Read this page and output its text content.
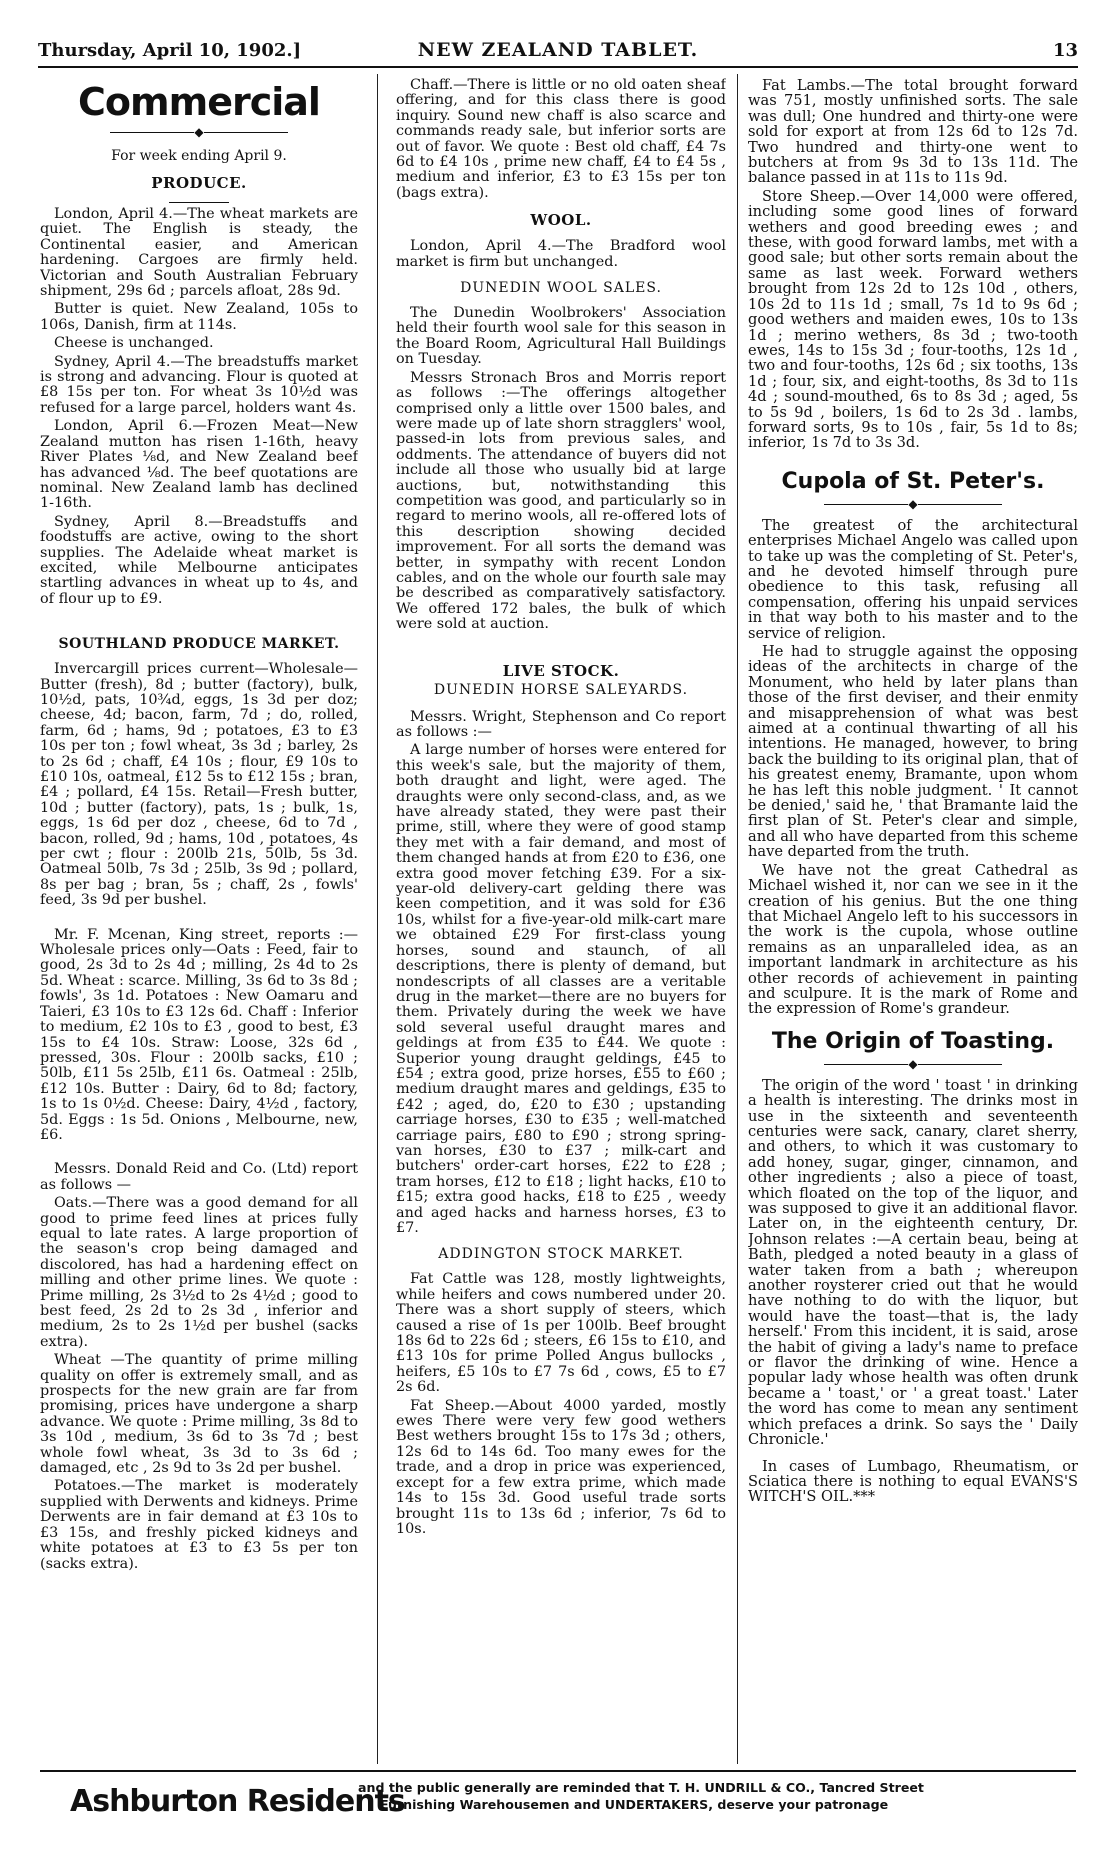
Thursday, April 10, 1902.]	NEW ZEALAND TABLET.	13
Commercial
◆
For week ending April 9.
PRODUCE.

London, April 4.—The wheat markets are quiet. The English is steady, the Continental easier, and American hardening. Cargoes are firmly held. Victorian and South Australian February shipment, 29s 6d ; parcels afloat, 28s 9d.

Butter is quiet. New Zealand, 105s to 106s, Danish, firm at 114s.

Cheese is unchanged.

Sydney, April 4.—The breadstuffs market is strong and advancing. Flour is quoted at £8 15s per ton. For wheat 3s 10½d was refused for a large parcel, holders want 4s.

London, April 6.—Frozen Meat—New Zealand mutton has risen 1-16th, heavy River Plates ⅛d, and New Zealand beef has advanced ⅛d. The beef quotations are nominal. New Zealand lamb has declined 1-16th.

Sydney, April 8.—Breadstuffs and foodstuffs are active, owing to the short supplies. The Adelaide wheat market is excited, while Melbourne anticipates startling advances in wheat up to 4s, and of flour up to £9.

SOUTHLAND PRODUCE MARKET.

Invercargill prices current—Wholesale—Butter (fresh), 8d ; butter (factory), bulk, 10½d, pats, 10¾d, eggs, 1s 3d per doz; cheese, 4d; bacon, farm, 7d ; do, rolled, farm, 6d ; hams, 9d ; potatoes, £3 to £3 10s per ton ; fowl wheat, 3s 3d ; barley, 2s to 2s 6d ; chaff, £4 10s ; flour, £9 10s to £10 10s, oatmeal, £12 5s to £12 15s ; bran, £4 ; pollard, £4 15s. Retail—Fresh butter, 10d ; butter (factory), pats, 1s ; bulk, 1s, eggs, 1s 6d per doz , cheese, 6d to 7d , bacon, rolled, 9d ; hams, 10d , potatoes, 4s per cwt ; flour : 200lb 21s, 50lb, 5s 3d. Oatmeal 50lb, 7s 3d ; 25lb, 3s 9d ; pollard, 8s per bag ; bran, 5s ; chaff, 2s , fowls' feed, 3s 9d per bushel.

Mr. F. Mcenan, King street, reports :—Wholesale prices only—Oats : Feed, fair to good, 2s 3d to 2s 4d ; milling, 2s 4d to 2s 5d. Wheat : scarce. Milling, 3s 6d to 3s 8d ; fowls', 3s 1d. Potatoes : New Oamaru and Taieri, £3 10s to £3 12s 6d. Chaff : Inferior to medium, £2 10s to £3 , good to best, £3 15s to £4 10s. Straw: Loose, 32s 6d , pressed, 30s. Flour : 200lb sacks, £10 ; 50lb, £11 5s 25lb, £11 6s. Oatmeal : 25lb, £12 10s. Butter : Dairy, 6d to 8d; factory, 1s to 1s 0½d. Cheese: Dairy, 4½d , factory, 5d. Eggs : 1s 5d. Onions , Melbourne, new, £6.

Messrs. Donald Reid and Co. (Ltd) report as follows —

Oats.—There was a good demand for all good to prime feed lines at prices fully equal to late rates. A large proportion of the season's crop being damaged and discolored, has had a hardening effect on milling and other prime lines. We quote : Prime milling, 2s 3½d to 2s 4½d ; good to best feed, 2s 2d to 2s 3d , inferior and medium, 2s to 2s 1½d per bushel (sacks extra).

Wheat —The quantity of prime milling quality on offer is extremely small, and as prospects for the new grain are far from promising, prices have undergone a sharp advance. We quote : Prime milling, 3s 8d to 3s 10d , medium, 3s 6d to 3s 7d ; best whole fowl wheat, 3s 3d to 3s 6d ; damaged, etc , 2s 9d to 3s 2d per bushel.

Potatoes.—The market is moderately supplied with Derwents and kidneys. Prime Derwents are in fair demand at £3 10s to £3 15s, and freshly picked kidneys and white potatoes at £3 to £3 5s per ton (sacks extra).

Chaff.—There is little or no old oaten sheaf offering, and for this class there is good inquiry. Sound new chaff is also scarce and commands ready sale, but inferior sorts are out of favor. We quote : Best old chaff, £4 7s 6d to £4 10s , prime new chaff, £4 to £4 5s , medium and inferior, £3 to £3 15s per ton (bags extra).

WOOL.

London, April 4.—The Bradford wool market is firm but unchanged.

DUNEDIN WOOL SALES.

The Dunedin Woolbrokers' Association held their fourth wool sale for this season in the Board Room, Agricultural Hall Buildings on Tuesday.

Messrs Stronach Bros and Morris report as follows :—The offerings altogether comprised only a little over 1500 bales, and were made up of late shorn stragglers' wool, passed-in lots from previous sales, and oddments. The attendance of buyers did not include all those who usually bid at large auctions, but, notwithstanding this competition was good, and particularly so in regard to merino wools, all re-offered lots of this description showing decided improvement. For all sorts the demand was better, in sympathy with recent London cables, and on the whole our fourth sale may be described as comparatively satisfactory. We offered 172 bales, the bulk of which were sold at auction.

LIVE STOCK.
DUNEDIN HORSE SALEYARDS.

Messrs. Wright, Stephenson and Co report as follows :—

A large number of horses were entered for this week's sale, but the majority of them, both draught and light, were aged. The draughts were only second-class, and, as we have already stated, they were past their prime, still, where they were of good stamp they met with a fair demand, and most of them changed hands at from £20 to £36, one extra good mover fetching £39. For a six-year-old delivery-cart gelding there was keen competition, and it was sold for £36 10s, whilst for a five-year-old milk-cart mare we obtained £29 For first-class young horses, sound and staunch, of all descriptions, there is plenty of demand, but nondescripts of all classes are a veritable drug in the market—there are no buyers for them. Privately during the week we have sold several useful draught mares and geldings at from £35 to £44. We quote : Superior young draught geldings, £45 to £54 ; extra good, prize horses, £55 to £60 ; medium draught mares and geldings, £35 to £42 ; aged, do, £20 to £30 ; upstanding carriage horses, £30 to £35 ; well-matched carriage pairs, £80 to £90 ; strong spring-van horses, £30 to £37 ; milk-cart and butchers' order-cart horses, £22 to £28 ; tram horses, £12 to £18 ; light hacks, £10 to £15; extra good hacks, £18 to £25 , weedy and aged hacks and harness horses, £3 to £7.

ADDINGTON STOCK MARKET.

Fat Cattle was 128, mostly lightweights, while heifers and cows numbered under 20. There was a short supply of steers, which caused a rise of 1s per 100lb. Beef brought 18s 6d to 22s 6d ; steers, £6 15s to £10, and £13 10s for prime Polled Angus bullocks , heifers, £5 10s to £7 7s 6d , cows, £5 to £7 2s 6d.

Fat Sheep.—About 4000 yarded, mostly ewes There were very few good wethers Best wethers brought 15s to 17s 3d ; others, 12s 6d to 14s 6d. Too many ewes for the trade, and a drop in price was experienced, except for a few extra prime, which made 14s to 15s 3d. Good useful trade sorts brought 11s to 13s 6d ; inferior, 7s 6d to 10s.

Fat Lambs.—The total brought forward was 751, mostly unfinished sorts. The sale was dull; One hundred and thirty-one were sold for export at from 12s 6d to 12s 7d. Two hundred and thirty-one went to butchers at from 9s 3d to 13s 11d. The balance passed in at 11s to 11s 9d.

Store Sheep.—Over 14,000 were offered, including some good lines of forward wethers and good breeding ewes ; and these, with good forward lambs, met with a good sale; but other sorts remain about the same as last week. Forward wethers brought from 12s 2d to 12s 10d , others, 10s 2d to 11s 1d ; small, 7s 1d to 9s 6d ; good wethers and maiden ewes, 10s to 13s 1d ; merino wethers, 8s 3d ; two-tooth ewes, 14s to 15s 3d ; four-tooths, 12s 1d , two and four-tooths, 12s 6d ; six tooths, 13s 1d ; four, six, and eight-tooths, 8s 3d to 11s 4d ; sound-mouthed, 6s to 8s 3d ; aged, 5s to 5s 9d , boilers, 1s 6d to 2s 3d . lambs, forward sorts, 9s to 10s , fair, 5s 1d to 8s; inferior, 1s 7d to 3s 3d.

Cupola of St. Peter's.
◆

The greatest of the architectural enterprises Michael Angelo was called upon to take up was the completing of St. Peter's, and he devoted himself through pure obedience to this task, refusing all compensation, offering his unpaid services in that way both to his master and to the service of religion.

He had to struggle against the opposing ideas of the architects in charge of the Monument, who held by later plans than those of the first deviser, and their enmity and misapprehension of what was best aimed at a continual thwarting of all his intentions. He managed, however, to bring back the building to its original plan, that of his greatest enemy, Bramante, upon whom he has left this noble judgment. ' It cannot be denied,' said he, ' that Bramante laid the first plan of St. Peter's clear and simple, and all who have departed from this scheme have departed from the truth.

We have not the great Cathedral as Michael wished it, nor can we see in it the creation of his genius. But the one thing that Michael Angelo left to his successors in the work is the cupola, whose outline remains as an unparalleled idea, as an important landmark in architecture as his other records of achievement in painting and sculpure. It is the mark of Rome and the expression of Rome's grandeur.

The Origin of Toasting.
◆

The origin of the word ' toast ' in drinking a health is interesting. The drinks most in use in the sixteenth and seventeenth centuries were sack, canary, claret sherry, and others, to which it was customary to add honey, sugar, ginger, cinnamon, and other ingredients ; also a piece of toast, which floated on the top of the liquor, and was supposed to give it an additional flavor. Later on, in the eighteenth century, Dr. Johnson relates :—A certain beau, being at Bath, pledged a noted beauty in a glass of water taken from a bath ; whereupon another roysterer cried out that he would have nothing to do with the liquor, but would have the toast—that is, the lady herself.' From this incident, it is said, arose the habit of giving a lady's name to preface or flavor the drinking of wine. Hence a popular lady whose health was often drunk became a ' toast,' or ' a great toast.' Later the word has come to mean any sentiment which prefaces a drink. So says the ' Daily Chronicle.'

In cases of Lumbago, Rheumatism, or Sciatica there is nothing to equal EVANS'S WITCH'S OIL.***

Ashburton Residents
and the public generally are reminded that T. H. UNDRILL & CO., Tancred Street
Furnishing Warehousemen and UNDERTAKERS, deserve your patronage
